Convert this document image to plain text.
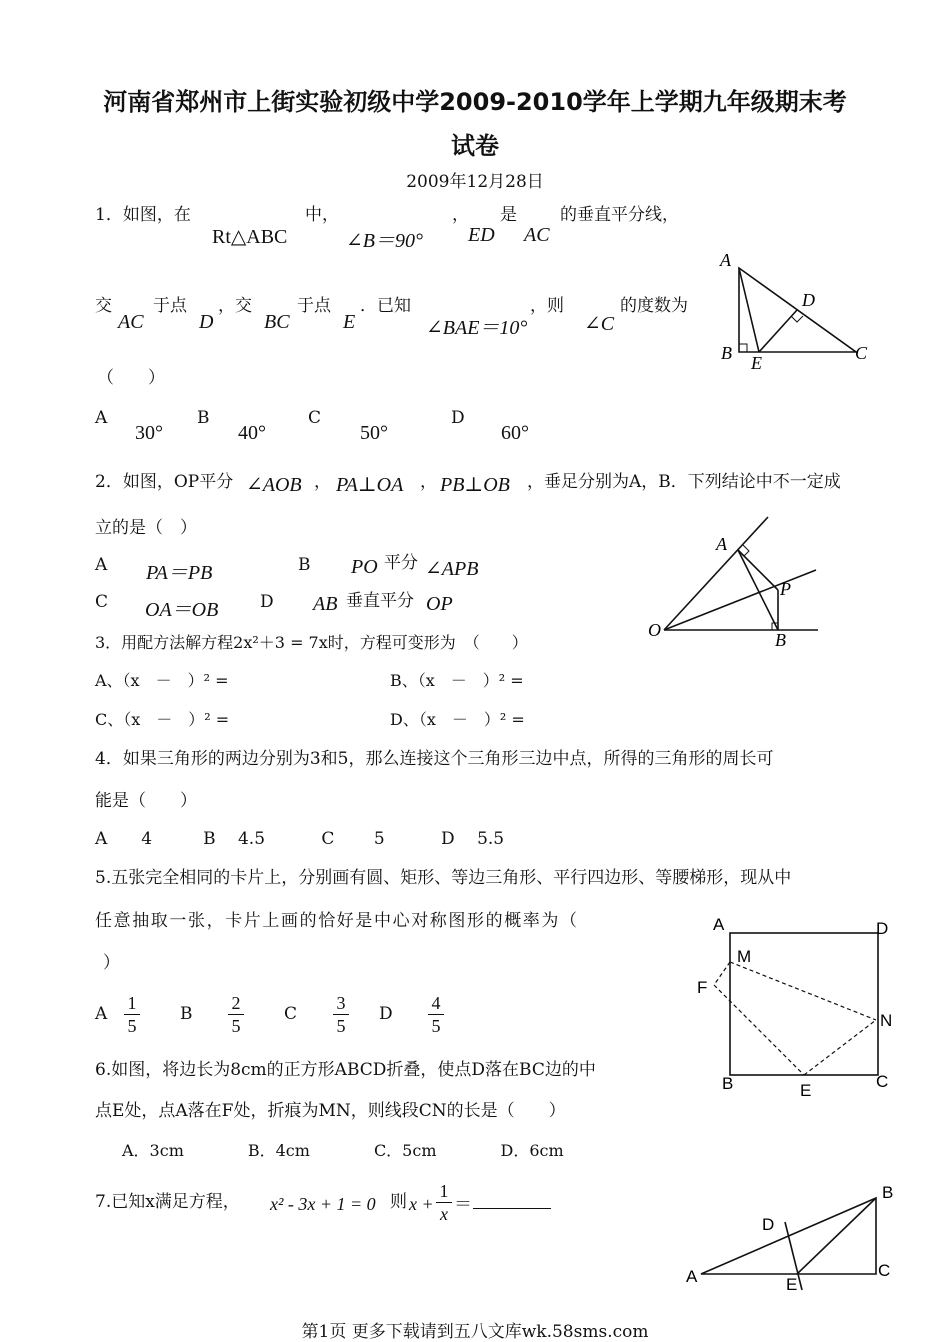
河南省郑州市上街实验初级中学2009-2010学年上学期九年级期末考
试卷
2009年12月28日
1．如图，在
Rt△ABC
中，
∠B＝90°
， 是
ED AC
的垂直平分线，
交
AC
于点
D
，交
BC
于点
E
．已知
∠BAE＝10°
，则
∠C
的度数为
（　　）
A
30°
B
40°
C
50°
D
60°
2．如图，OP平分 ∠AOB ， PA⊥OA ， PB⊥OB ，垂足分别为A，B．下列结论中不一定成
立的是（　）
A PA＝PB	B PO 平分 ∠APB
C OA＝OB D AB 垂直平分 OP
3．用配方法解方程2x²＋3 = 7x时，方程可变形为　（　　）
A、（x　－　）² =	B、（x　－　）² =
C、（x　－　）² =	D、（x　－　）² =
4．如果三角形的两边分别为3和5，那么连接这个三角形三边中点，所得的三角形的周长可
能是（　　）
A　　4　　　B　 4.5　　　 C　　 5　　　 D　 5.5
5.五张完全相同的卡片上，分别画有圆、矩形、等边三角形、平行四边形、等腰梯形，现从中
任意抽取一张，卡片上画的恰好是中心对称图形的概率为（
）
A $\frac{1}{5}$ B $\frac{2}{5}$ C $\frac{3}{5}$ D $\frac{4}{5}$
6.如图，将边长为8cm的正方形ABCD折叠，使点D落在BC边的中
点E处，点A落在F处，折痕为MN，则线段CN的长是（　　）
A．3cm　　　　B．4cm　　　　C．5cm　　　　D．6cm
7.已知x满足方程， x² - 3x + 1 = 0 则 $x + \frac{1}{x}$ ＝
第1页 更多下载请到五八文库wk.58sms.com
A
B	C
D
E
A
P
O	B
A	D
M
F
N
B	E	C
B
D
A	E
C
